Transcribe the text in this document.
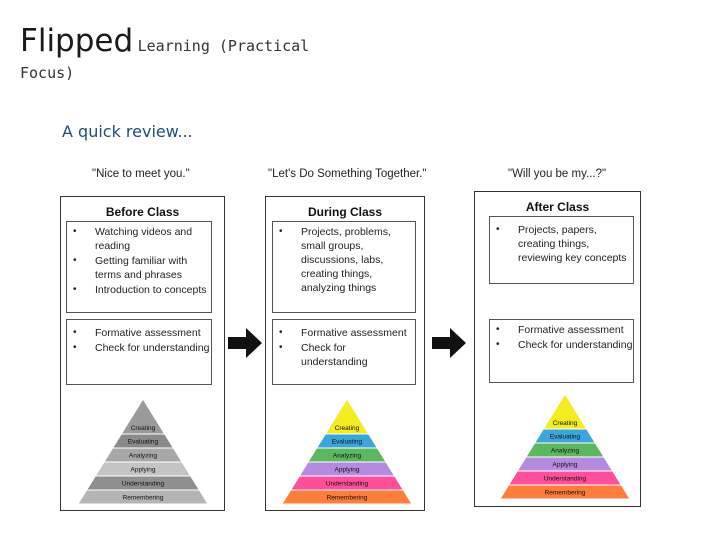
Flipped Learning (Practical
Focus)
A quick review...
"Nice to meet you."	"Let's Do Something Together."	"Will you be my...?"
Before Class
• Watching videos and reading
• Getting familiar with terms and phrases
• Introduction to concepts
• Formative assessment
• Check for understanding
Creating
Evaluating
Analyzing
Applying
Understanding
Remembering
During Class
• Projects, problems, small groups, discussions, labs, creating things, analyzing things
• Formative assessment
• Check for understanding
Creating
Evaluating
Analyzing
Applying
Understanding
Remembering
After Class
• Projects, papers, creating things, reviewing key concepts
• Formative assessment
• Check for understanding
Creating
Evaluating
Analyzing
Applying
Understanding
Remembering
